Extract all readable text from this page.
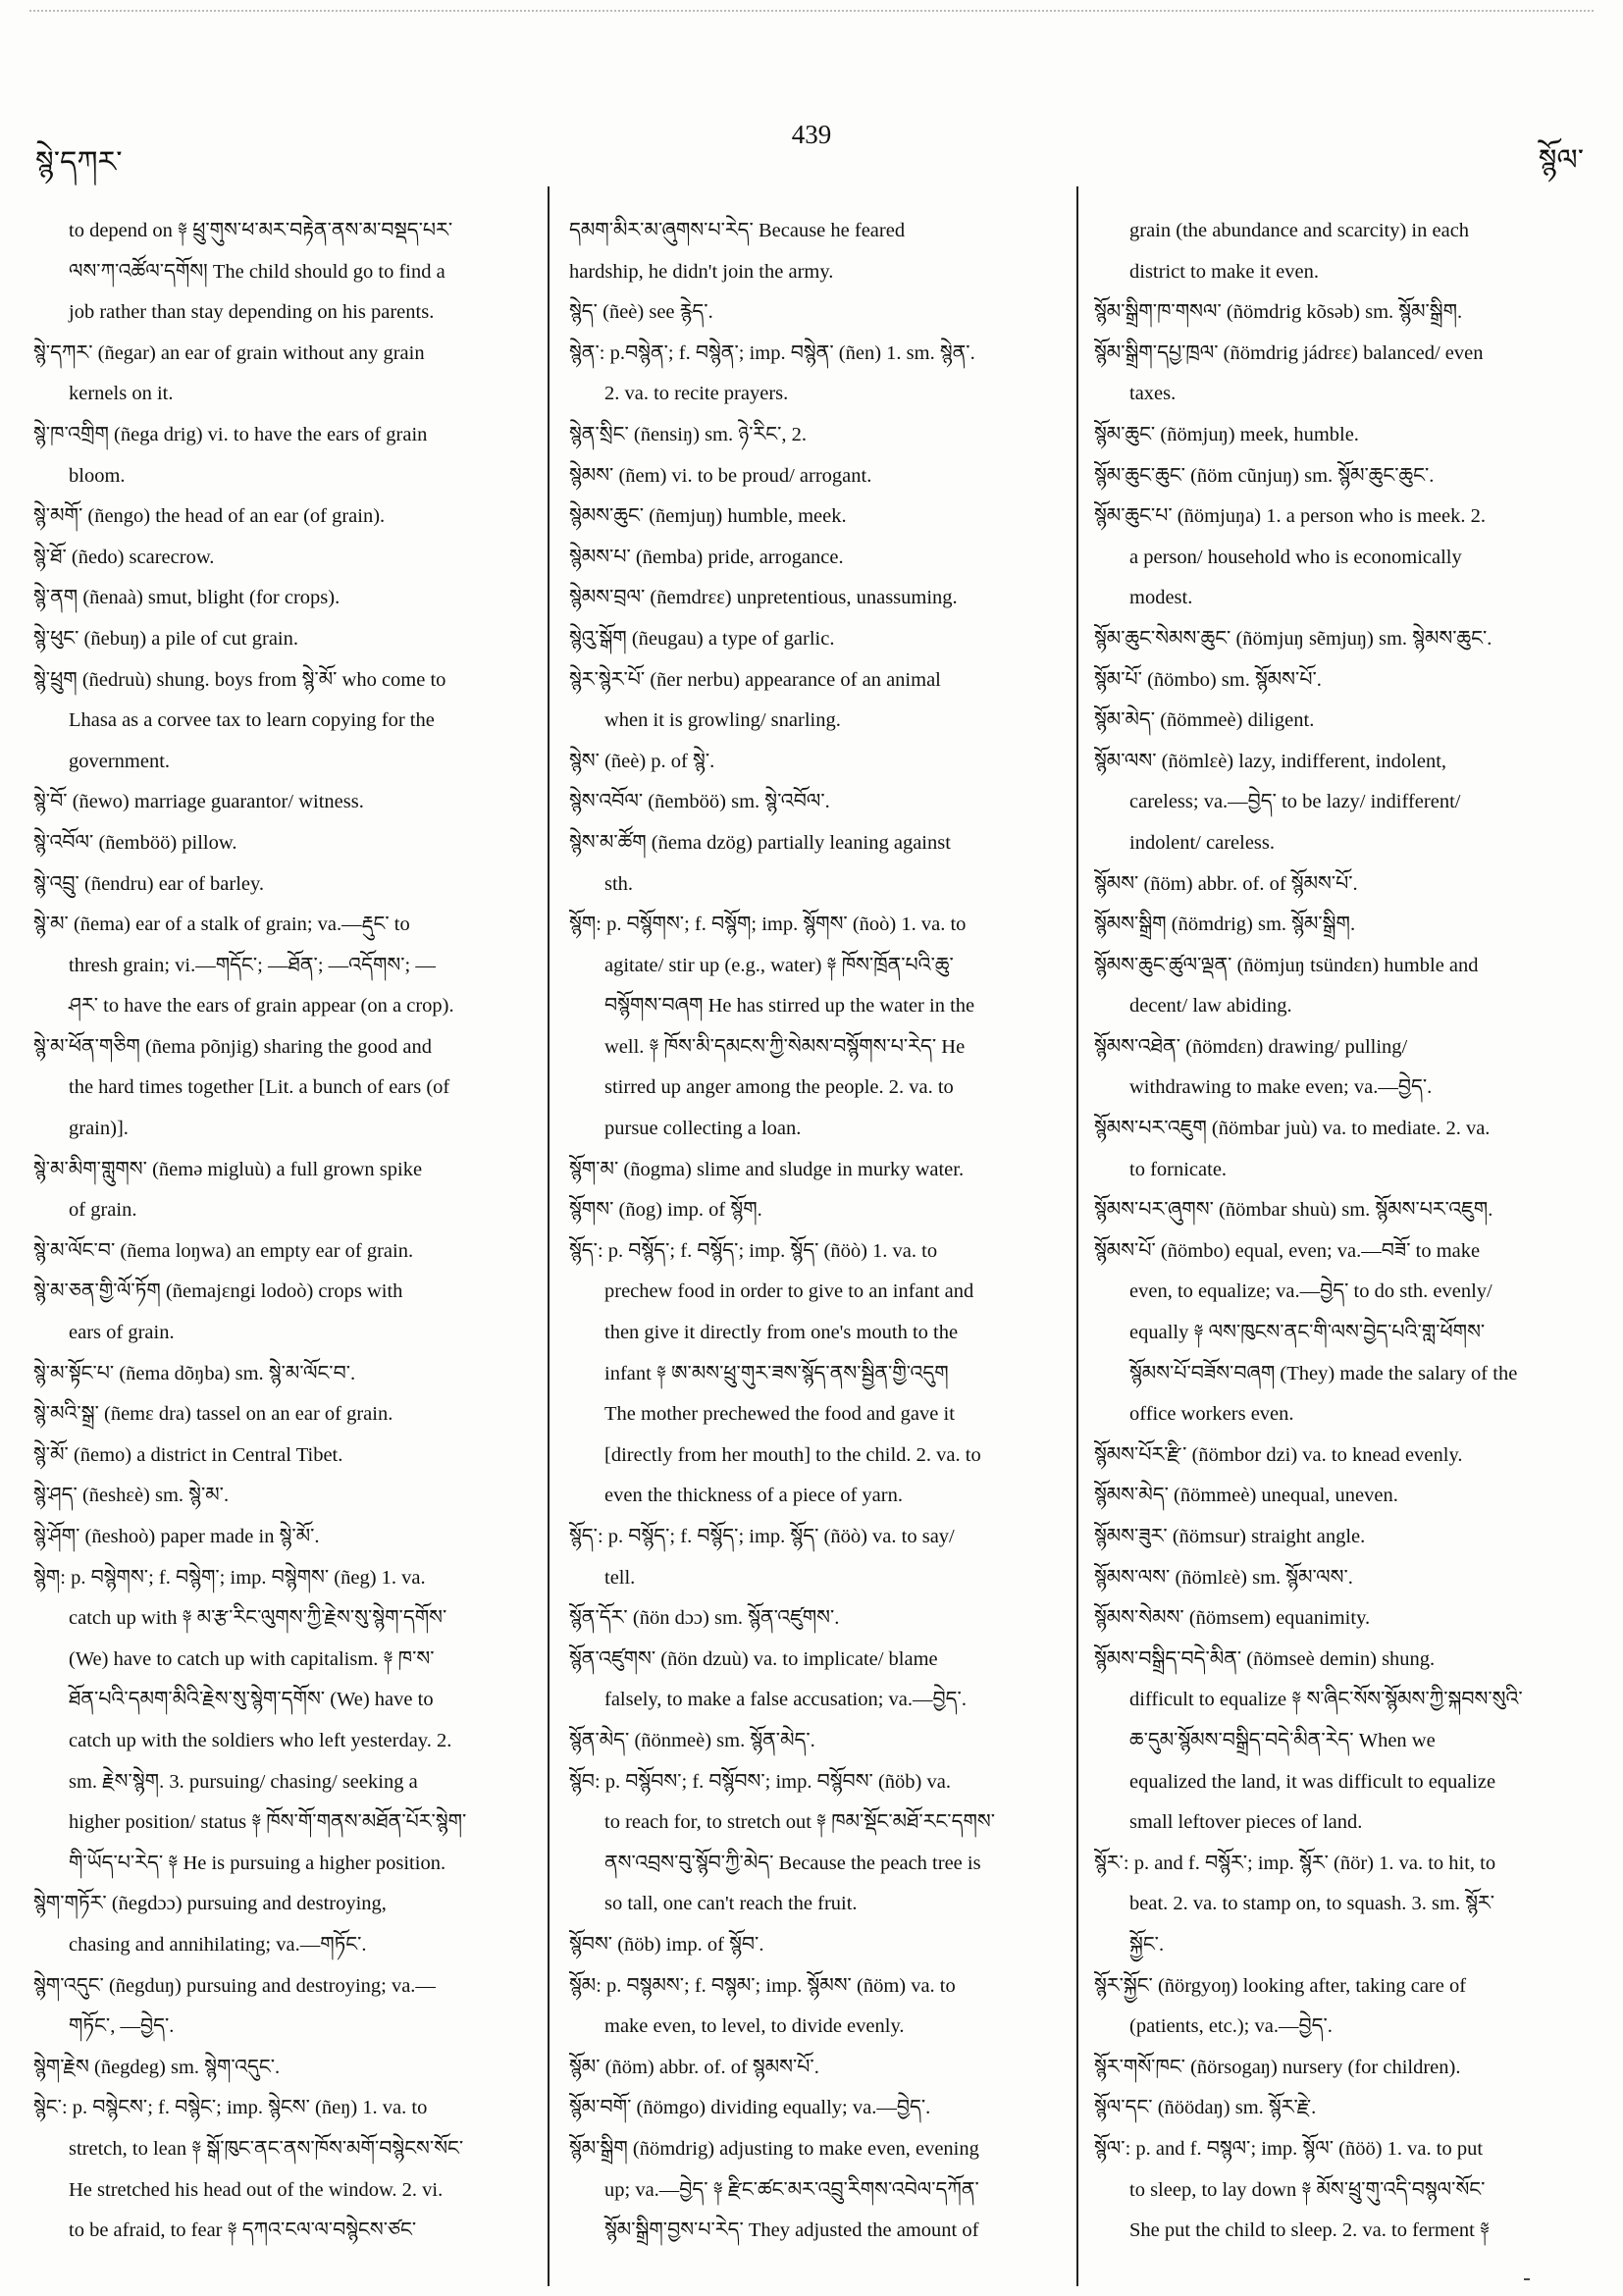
སྙེ་དཀར་
439
སྙོལ་
to depend on ༈ ཕྲུ་གུས་ཕ་མར་བརྟེན་ནས་མ་བསྡད་པར་
ལས་ཀ་འཚོལ་དགོས། The child should go to find a
job rather than stay depending on his parents.
སྙེ་དཀར་ (ñegar) an ear of grain without any grain
kernels on it.
སྙེ་ཁ་འགྲིག (ñega drig) vi. to have the ears of grain
bloom.
སྙེ་མགོ་ (ñengo) the head of an ear (of grain).
སྙེ་ཐོ་ (ñedo) scarecrow.
སྙེ་ནག (ñenaà) smut, blight (for crops).
སྙེ་ཕུང་ (ñebuŋ) a pile of cut grain.
སྙེ་ཕྲུག (ñedruù) shung. boys from སྙེ་མོ་ who come to
Lhasa as a corvee tax to learn copying for the
government.
སྙེ་བོ་ (ñewo) marriage guarantor/ witness.
སྙེ་འབོལ་ (ñemböö) pillow.
སྙེ་འབྲུ་ (ñendru) ear of barley.
སྙེ་མ་ (ñema) ear of a stalk of grain; va.—རྡུང་ to
thresh grain; vi.—གདོང་; —ཐོན་; —འདོགས་; —
ཤར་ to have the ears of grain appear (on a crop).
སྙེ་མ་ཕོན་གཅིག (ñema põnjig) sharing the good and
the hard times together [Lit. a bunch of ears (of
grain)].
སྙེ་མ་མིག་གླུགས་ (ñemə migluù) a full grown spike
of grain.
སྙེ་མ་ལོང་བ་ (ñema loŋwa) an empty ear of grain.
སྙེ་མ་ཅན་གྱི་ལོ་ཏོག (ñemajɛngi lodoò) crops with
ears of grain.
སྙེ་མ་སྟོང་པ་ (ñema dõŋba) sm. སྙེ་མ་ལོང་བ་.
སྙེ་མའི་སྒྲ་ (ñemɛ dra) tassel on an ear of grain.
སྙེ་མོ་ (ñemo) a district in Central Tibet.
སྙེ་ཤད་ (ñeshɛè) sm. སྙེ་མ་.
སྙེ་ཤོག་ (ñeshoò) paper made in སྙེ་མོ་.
སྙེག: p. བསྙེགས་; f. བསྙེག་; imp. བསྙེགས་ (ñeg) 1. va.
catch up with ༈ མ་རྩ་རིང་ལུགས་ཀྱི་རྗེས་སུ་སྙེག་དགོས་
(We) have to catch up with capitalism. ༈ ཁ་ས་
ཐོན་པའི་དམག་མིའི་རྗེས་སུ་སྙེག་དགོས་ (We) have to
catch up with the soldiers who left yesterday. 2.
sm. རྗེས་སྙེག. 3. pursuing/ chasing/ seeking a
higher position/ status ༈ ཁོས་གོ་གནས་མཐོན་པོར་སྙེག་
གི་ཡོད་པ་རེད་ ༈ He is pursuing a higher position.
སྙེག་གཏོར་ (ñegdɔɔ) pursuing and destroying,
chasing and annihilating; va.—གཏོང་.
སྙེག་འདུང་ (ñegduŋ) pursuing and destroying; va.—
གཏོང་, —བྱེད་.
སྙེག་རྗེས (ñegdeg) sm. སྙེག་འདུང་.
སྙེང་: p. བསྙེངས་; f. བསྙེང་; imp. སྙེངས་ (ñeŋ) 1. va. to
stretch, to lean ༈ སྒོ་ཁུང་ནང་ནས་ཁོས་མགོ་བསྙེངས་སོང་
He stretched his head out of the window. 2. vi.
to be afraid, to fear ༈ དཀའ་ངལ་ལ་བསྙེངས་ཙང་
དམག་མིར་མ་ཞུགས་པ་རེད་ Because he feared
hardship, he didn't join the army.
སྙེད་ (ñeè) see རྙེད་.
སྙེན་: p.བསྙེན་; f. བསྙེན་; imp. བསྙེན་ (ñen) 1. sm. སྙེན་.
2. va. to recite prayers.
སྙེན་སྲིང་ (ñensiŋ) sm. ཉེ་རིང་, 2.
སྙེམས་ (ñem) vi. to be proud/ arrogant.
སྙེམས་ཆུང་ (ñemjuŋ) humble, meek.
སྙེམས་པ་ (ñemba) pride, arrogance.
སྙེམས་བྲལ་ (ñemdrɛɛ) unpretentious, unassuming.
སྙེའུ་སྒོག (ñeugau) a type of garlic.
སྙེར་སྙེར་པོ་ (ñer nerbu) appearance of an animal
when it is growling/ snarling.
སྙེས་ (ñeè) p. of སྙེ་.
སྙེས་འབོལ་ (ñemböö) sm. སྙེ་འབོལ་.
སྙེས་མ་ཚོག (ñema dzög) partially leaning against
sth.
སྙོག: p. བསྙོགས་; f. བསྙོག; imp. སྙོགས་ (ñoò) 1. va. to
agitate/ stir up (e.g., water) ༈ ཁོས་ཁྲོན་པའི་ཆུ་
བསྙོགས་བཞག He has stirred up the water in the
well. ༈ ཁོས་མི་དམངས་ཀྱི་སེམས་བསྙོགས་པ་རེད་ He
stirred up anger among the people. 2. va. to
pursue collecting a loan.
སྙོག་མ་ (ñogma) slime and sludge in murky water.
སྙོགས་ (ñog) imp. of སྙོག.
སྙོད་: p. བསྙོད་; f. བསྙོད་; imp. སྙོད་ (ñöò) 1. va. to
prechew food in order to give to an infant and
then give it directly from one's mouth to the
infant ༈ ཨ་མས་ཕྲུ་གུར་ཟས་སྙོད་ནས་སྦྱིན་གྱི་འདུག
The mother prechewed the food and gave it
[directly from her mouth] to the child. 2. va. to
even the thickness of a piece of yarn.
སྙོད་: p. བསྙོད་; f. བསྙོད་; imp. སྙོད་ (ñöò) va. to say/
tell.
སྙོན་དོར་ (ñön dɔɔ) sm. སྙོན་འཛུགས་.
སྙོན་འཛུགས་ (ñön dzuù) va. to implicate/ blame
falsely, to make a false accusation; va.—བྱེད་.
སྙོན་མེད་ (ñönmeè) sm. སྙོན་མེད་.
སྙོབ: p. བསྙོབས་; f. བསྙོབས་; imp. བསྙོབས་ (ñöb) va.
to reach for, to stretch out ༈ ཁམ་སྡོང་མཐོ་རང་དགས་
ནས་འབྲས་བུ་སྙོབ་ཀྱི་མེད་ Because the peach tree is
so tall, one can't reach the fruit.
སྙོབས་ (ñöb) imp. of སྙོབ་.
སྙོམ: p. བསྙམས་; f. བསྙམ་; imp. སྙོམས་ (ñöm) va. to
make even, to level, to divide evenly.
སྙོམ་ (ñöm) abbr. of. of སྙམས་པོ་.
སྙོམ་བགོ་ (ñömgo) dividing equally; va.—བྱེད་.
སྙོམ་སྒྲིག (ñömdrig) adjusting to make even, evening
up; va.—བྱེད་ ༈ རྫིང་ཚང་མར་འབྲུ་རིགས་འབེལ་དཀོན་
སྙོམ་སྒྲིག་བྱས་པ་རེད་ They adjusted the amount of
grain (the abundance and scarcity) in each
district to make it even.
སྙོམ་སྒྲིག་ཁ་གསལ་ (ñömdrig kõsəb) sm. སྙོམ་སྒྲིག.
སྙོམ་སྒྲིག་དཔྱ་ཁྲལ་ (ñömdrig jádrɛɛ) balanced/ even
taxes.
སྙོམ་ཆུང་ (ñömjuŋ) meek, humble.
སྙོམ་ཆུང་ཆུང་ (ñöm cũnjuŋ) sm. སྙོམ་ཆུང་ཆུང་.
སྙོམ་ཆུང་པ་ (ñömjuŋa) 1. a person who is meek. 2.
a person/ household who is economically
modest.
སྙོམ་ཆུང་སེམས་ཆུང་ (ñömjuŋ sẽmjuŋ) sm. སྙེམས་ཆུང་.
སྙོམ་པོ་ (ñömbo) sm. སྙོམས་པོ་.
སྙོམ་མེད་ (ñömmeè) diligent.
སྙོམ་ལས་ (ñömlɛè) lazy, indifferent, indolent,
careless; va.—བྱེད་ to be lazy/ indifferent/
indolent/ careless.
སྙོམས་ (ñöm) abbr. of. of སྙོམས་པོ་.
སྙོམས་སྒྲིག (ñömdrig) sm. སྙོམ་སྒྲིག.
སྙོམས་ཆུང་ཚུལ་ལྡན་ (ñömjuŋ tsündɛn) humble and
decent/ law abiding.
སྙོམས་འཐེན་ (ñömdɛn) drawing/ pulling/
withdrawing to make even; va.—བྱེད་.
སྙོམས་པར་འཇུག (ñömbar juù) va. to mediate. 2. va.
to fornicate.
སྙོམས་པར་ཞུགས་ (ñömbar shuù) sm. སྙོམས་པར་འཇུག.
སྙོམས་པོ་ (ñömbo) equal, even; va.—བཟོ་ to make
even, to equalize; va.—བྱེད་ to do sth. evenly/
equally ༈ ལས་ཁུངས་ནང་གི་ལས་བྱེད་པའི་གླ་ཕོགས་
སྙོམས་པོ་བཟོས་བཞག (They) made the salary of the
office workers even.
སྙོམས་པོར་རྫི་ (ñömbor dzi) va. to knead evenly.
སྙོམས་མེད་ (ñömmeè) unequal, uneven.
སྙོམས་ཟུར་ (ñömsur) straight angle.
སྙོམས་ལས་ (ñömlɛè) sm. སྙོམ་ལས་.
སྙོམས་སེམས་ (ñömsem) equanimity.
སྙོམས་བསྒྲིད་བདེ་མིན་ (ñömseè demin) shung.
difficult to equalize ༈ ས་ཞིང་སོས་སྙོམས་ཀྱི་སྐབས་སུའི་
ཆ་དུམ་སྙོམས་བསྒྲིད་བདེ་མིན་རེད་ When we
equalized the land, it was difficult to equalize
small leftover pieces of land.
སྙོར་: p. and f. བསྙོར་; imp. སྙོར་ (ñör) 1. va. to hit, to
beat. 2. va. to stamp on, to squash. 3. sm. སྙོར་
སྐྱོང་.
སྙོར་སྐྱོང་ (ñörgyoŋ) looking after, taking care of
(patients, etc.); va.—བྱེད་.
སྙོར་གསོ་ཁང་ (ñörsogaŋ) nursery (for children).
སྙོལ་དང་ (ñöödaŋ) sm. སྙོར་རྗེ་.
སྙོལ་: p. and f. བསྙལ་; imp. སྙོལ་ (ñöö) 1. va. to put
to sleep, to lay down ༈ མོས་ཕྲུ་གུ་འདི་བསྙལ་སོང་
She put the child to sleep. 2. va. to ferment ༈
